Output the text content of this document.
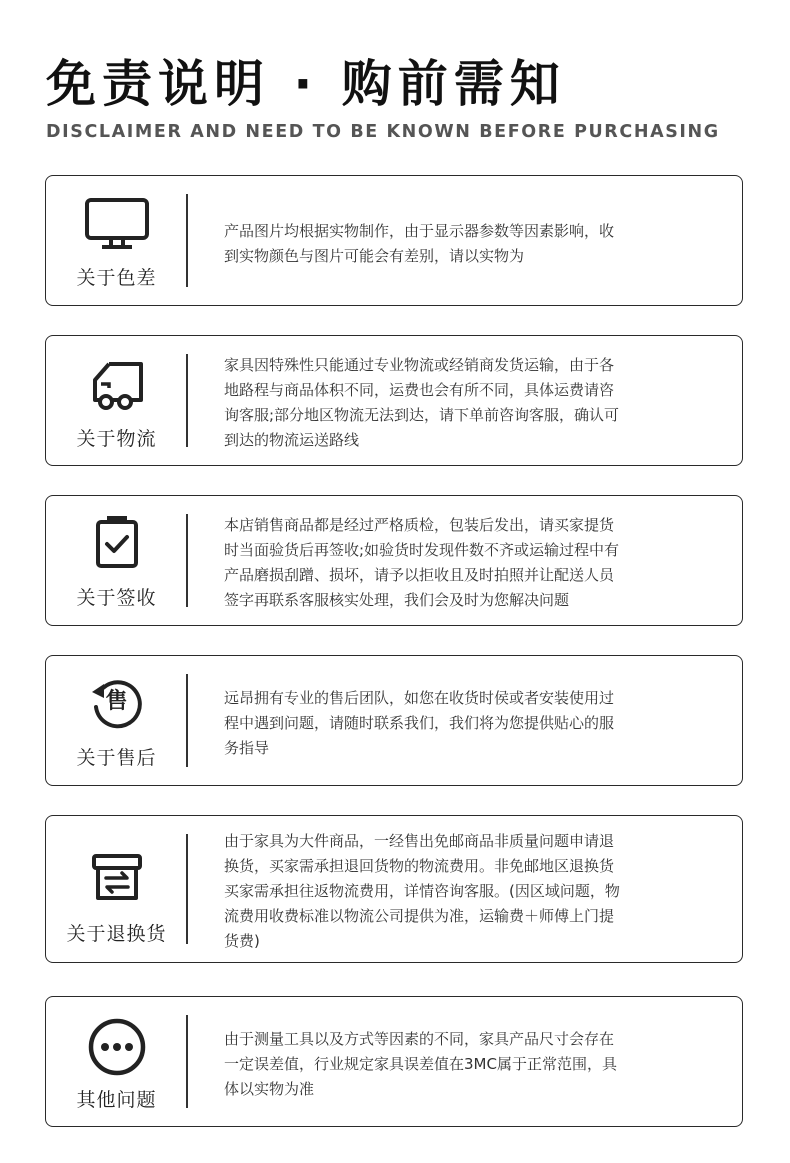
免责说明 · 购前需知
DISCLAIMER AND NEED TO BE KNOWN BEFORE PURCHASING
关于色差

产品图片均根据实物制作，由于显示器参数等因素影响，收

到实物颜色与图片可能会有差别，请以实物为

关于物流

家具因特殊性只能通过专业物流或经销商发货运输，由于各

地路程与商品体积不同，运费也会有所不同，具体运费请咨

询客服;部分地区物流无法到达，请下单前咨询客服，确认可

到达的物流运送路线

关于签收

本店销售商品都是经过严格质检，包装后发出，请买家提货

时当面验货后再签收;如验货时发现件数不齐或运输过程中有

产品磨损刮蹭、损坏，请予以拒收且及时拍照并让配送人员

签字再联系客服核实处理，我们会及时为您解决问题

售
关于售后

远昂拥有专业的售后团队，如您在收货时侯或者安装使用过

程中遇到问题，请随时联系我们，我们将为您提供贴心的服

务指导

关于退换货

由于家具为大件商品，一经售出免邮商品非质量问题申请退

换货，买家需承担退回货物的物流费用。非免邮地区退换货

买家需承担往返物流费用，详情咨询客服。(因区域问题，物

流费用收费标准以物流公司提供为准，运输费＋师傅上门提

货费)

其他问题

由于测量工具以及方式等因素的不同，家具产品尺寸会存在

一定误差值，行业规定家具误差值在3MC属于正常范围，具

体以实物为准
